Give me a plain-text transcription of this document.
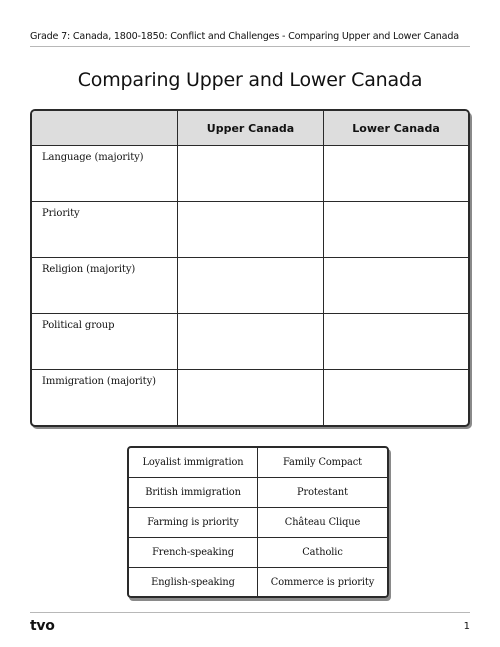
Grade 7: Canada, 1800-1850: Conflict and Challenges - Comparing Upper and Lower Canada
Comparing Upper and Lower Canada
	Upper Canada	Lower Canada

Language (majority)		

Priority		

Religion (majority)		

Political group		

Immigration (majority)		

Loyalist immigration	Family Compact
British immigration	Protestant
Farming is priority	Château Clique
French-speaking	Catholic
English-speaking	Commerce is priority
tvo	1
